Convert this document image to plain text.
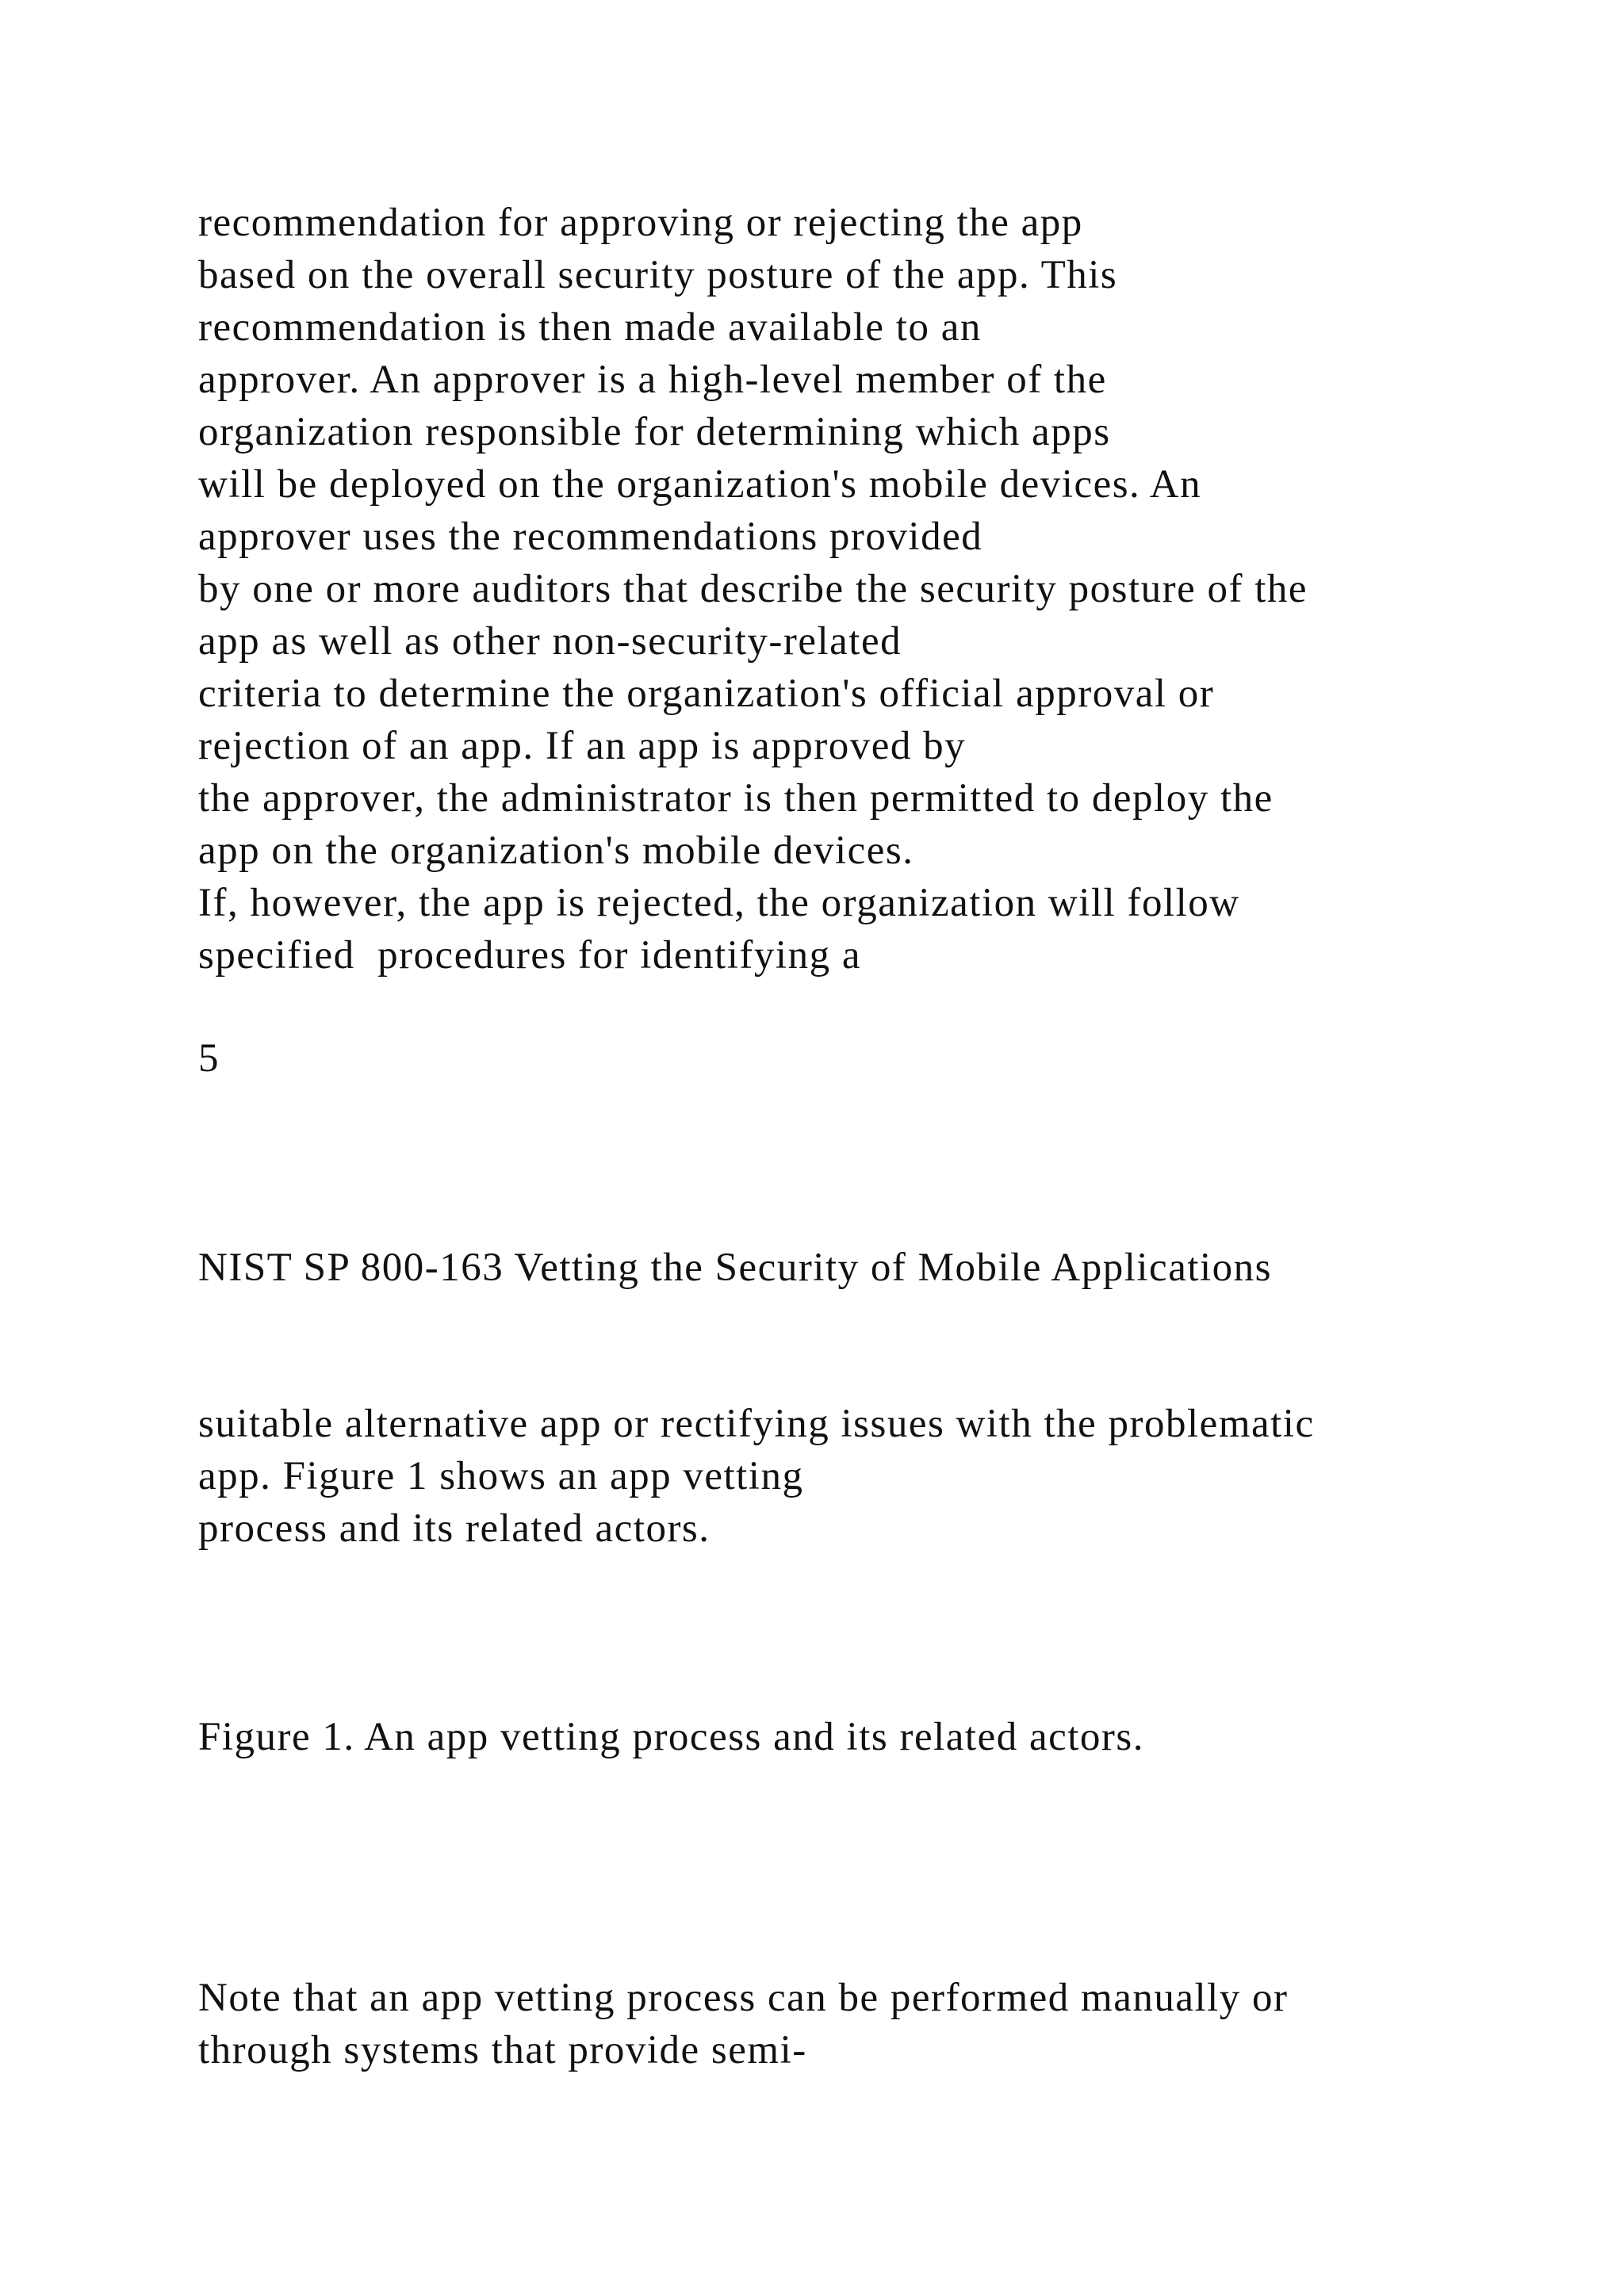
recommendation for approving or rejecting the app
based on the overall security posture of the app. This
recommendation is then made available to an
approver. An approver is a high-level member of the
organization responsible for determining which apps
will be deployed on the organization's mobile devices. An
approver uses the recommendations provided
by one or more auditors that describe the security posture of the
app as well as other non-security-related
criteria to determine the organization's official approval or
rejection of an app. If an app is approved by
the approver, the administrator is then permitted to deploy the
app on the organization's mobile devices.
If, however, the app is rejected, the organization will follow
specified  procedures for identifying a
5
NIST SP 800-163 Vetting the Security of Mobile Applications
suitable alternative app or rectifying issues with the problematic
app. Figure 1 shows an app vetting
process and its related actors.
Figure 1. An app vetting process and its related actors.
Note that an app vetting process can be performed manually or
through systems that provide semi-
